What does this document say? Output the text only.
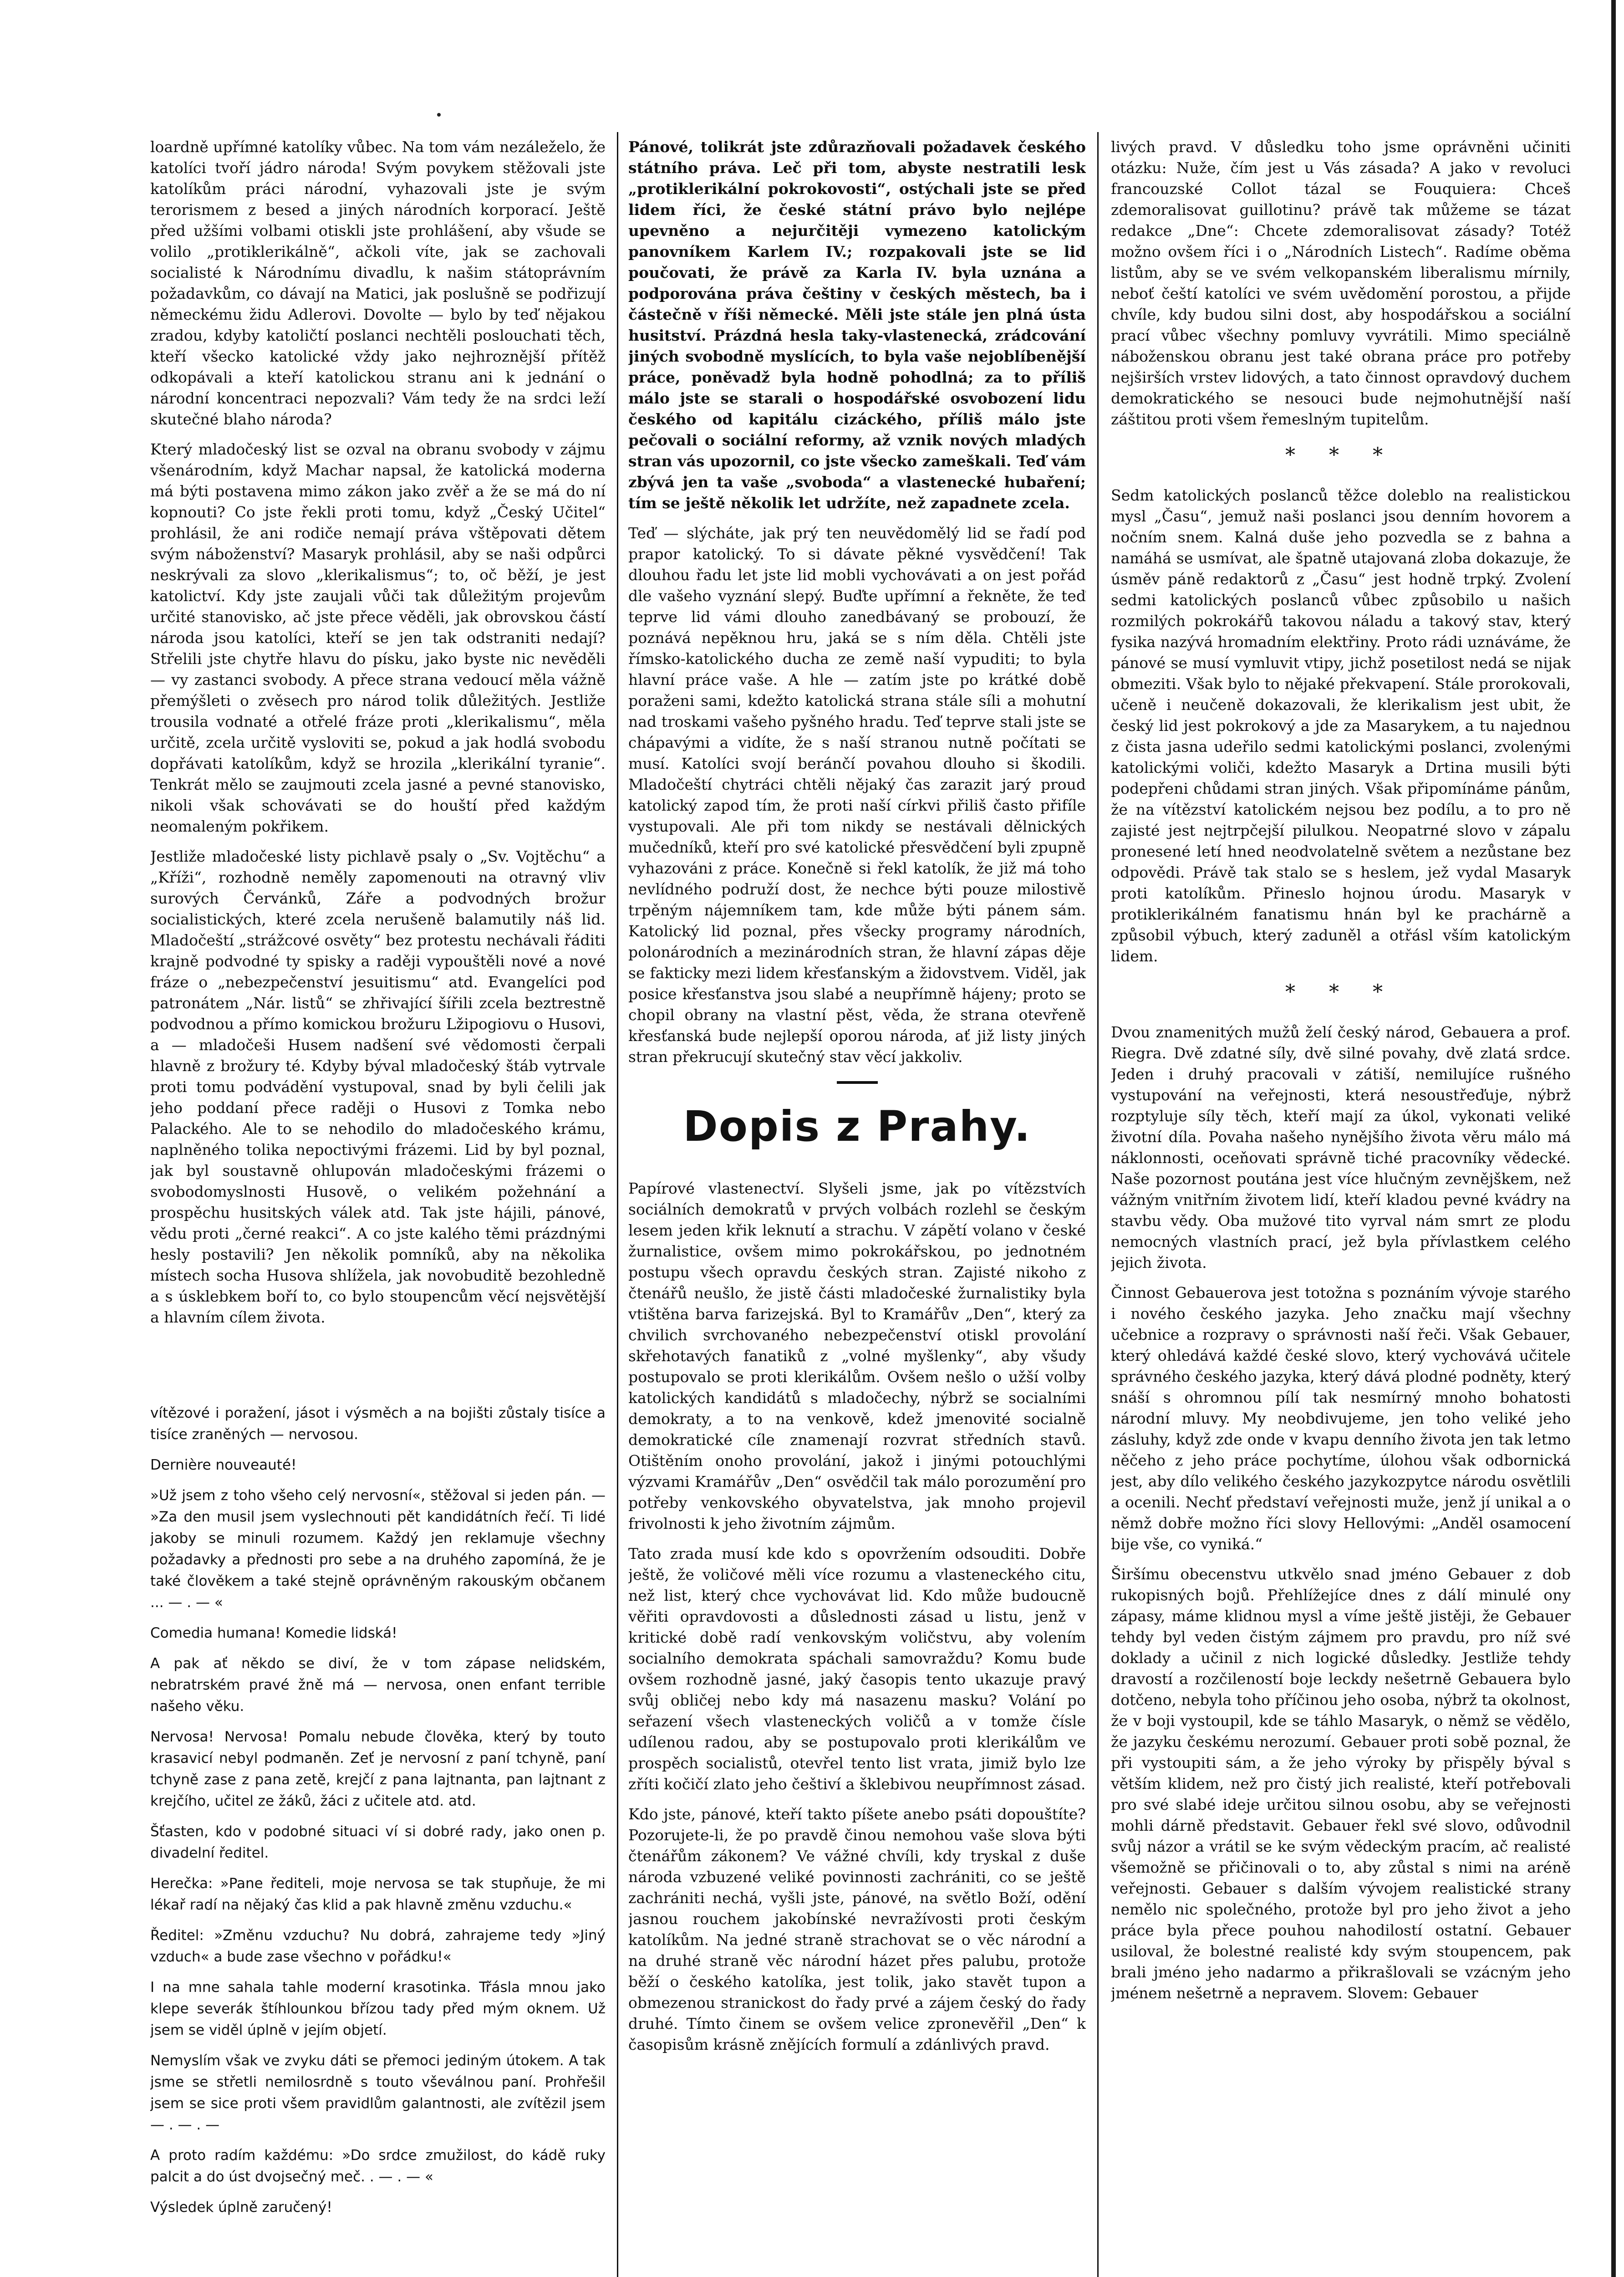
loardně upřímné katolíky vůbec. Na tom vám nezáleželo, že katolíci tvoří jádro národa! Svým povykem stěžovali jste katolíkům práci národní, vyhazovali jste je svým terorismem z besed a jiných národních korporací. Ještě před užšími volbami otiskli jste prohlášení, aby všude se volilo „protiklerikálně“, ačkoli víte, jak se zachovali socialisté k Národnímu divadlu, k našim státoprávním požadavkům, co dávají na Matici, jak poslušně se podřizují německému židu Adlerovi. Dovolte — bylo by teď nějakou zradou, kdyby katoličtí poslanci nechtěli poslouchati těch, kteří všecko katolické vždy jako nejhroznější přítěž odkopávali a kteří katolickou stranu ani k jednání o národní koncentraci nepozvali? Vám tedy že na srdci leží skutečné blaho národa?

Který mladočeský list se ozval na obranu svobody v zájmu všenárodním, když Machar napsal, že katolická moderna má býti postavena mimo zákon jako zvěř a že se má do ní kopnouti? Co jste řekli proti tomu, když „Český Učitel“ prohlásil, že ani rodiče nemají práva vštěpovati dětem svým náboženství? Masaryk prohlásil, aby se naši odpůrci neskrývali za slovo „klerikalismus“; to, oč běží, je jest katolictví. Kdy jste zaujali vůči tak důležitým projevům určité stanovisko, ač jste přece věděli, jak obrovskou částí národa jsou katolíci, kteří se jen tak odstraniti nedají? Střelili jste chytře hlavu do písku, jako byste nic nevěděli — vy zastanci svobody. A přece strana vedoucí měla vážně přemýšleti o zvěsech pro národ tolik důležitých. Jestliže trousila vodnaté a otřelé fráze proti „klerikalismu“, měla určitě, zcela určitě vysloviti se, pokud a jak hodlá svobodu dopřávati katolíkům, když se hrozila „klerikální tyranie“. Tenkrát mělo se zaujmouti zcela jasné a pevné stanovisko, nikoli však schovávati se do houští před každým neomaleným pokřikem.

Jestliže mladočeské listy pichlavě psaly o „Sv. Vojtěchu“ a „Kříži“, rozhodně neměly zapomenouti na otravný vliv surových Červánků, Záře a podvodných brožur socialistických, které zcela nerušeně balamutily náš lid. Mladočeští „strážcové osvěty“ bez protestu nechávali řáditi krajně podvodné ty spisky a raději vypouštěli nové a nové fráze o „nebezpečenství jesuitismu“ atd. Evangelíci pod patronátem „Nár. listů“ se zhřivající šířili zcela beztrestně podvodnou a přímo komickou brožuru Lžipogiovu o Husovi, a — mladočeši Husem nadšení své vědomosti čerpali hlavně z brožury té. Kdyby býval mladočeský štáb vytrvale proti tomu podvádění vystupoval, snad by byli čelili jak jeho poddaní přece raději o Husovi z Tomka nebo Palackého. Ale to se nehodilo do mladočeského krámu, naplněného tolika nepoctivými frázemi. Lid by byl poznal, jak byl soustavně ohlupován mladočeskými frázemi o svobodomyslnosti Husově, o velikém požehnání a prospěchu husitských válek atd. Tak jste hájili, pánové, vědu proti „černé reakci“. A co jste kalého těmi prázdnými hesly postavili? Jen několik pomníků, aby na několika místech socha Husova shlížela, jak novobuditě bezohledně a s úsklebkem boří to, co bylo stoupencům věcí nejsvětější a hlavním cílem života.

vítězové i poražení, jásot i výsměch a na bojišti zůstaly tisíce a tisíce zraněných — nervosou.

Dernière nouveauté!

»Už jsem z toho všeho celý nervosní«, stěžoval si jeden pán. — »Za den musil jsem vyslechnouti pět kandidátních řečí. Ti lidé jakoby se minuli rozumem. Každý jen reklamuje všechny požadavky a přednosti pro sebe a na druhého zapomíná, že je také člověkem a také stejně oprávněným rakouským občanem ... — . — «

Comedia humana! Komedie lidská!

A pak ať někdo se diví, že v tom zápase nelidském, nebratrském pravé žně má — nervosa, onen enfant terrible našeho věku.

Nervosa! Nervosa! Pomalu nebude člověka, který by touto krasavicí nebyl podmaněn. Zeť je nervosní z paní tchyně, paní tchyně zase z pana zetě, krejčí z pana lajtnanta, pan lajtnant z krejčího, učitel ze žáků, žáci z učitele atd. atd.

Šťasten, kdo v podobné situaci ví si dobré rady, jako onen p. divadelní ředitel.

Herečka: »Pane řediteli, moje nervosa se tak stupňuje, že mi lékař radí na nějaký čas klid a pak hlavně změnu vzduchu.«

Ředitel: »Změnu vzduchu? Nu dobrá, zahrajeme tedy »Jiný vzduch« a bude zase všechno v pořádku!«

I na mne sahala tahle moderní krasotinka. Třásla mnou jako klepe severák štíhlounkou břízou tady před mým oknem. Už jsem se viděl úplně v jejím objetí.

Nemyslím však ve zvyku dáti se přemoci jediným útokem. A tak jsme se střetli nemilosrdně s touto vševálnou paní. Prohřešil jsem se sice proti všem pravidlům galantnosti, ale zvítězil jsem — . — . —

A proto radím každému: »Do srdce zmužilost, do kádě ruky palcit a do úst dvojsečný meč. . — . — «

Výsledek úplně zaručený!

Pánové, tolikrát jste zdůrazňovali požadavek českého státního práva. Leč při tom, abyste nestratili lesk „protiklerikální pokrokovosti“, ostýchali jste se před lidem říci, že české státní právo bylo nejlépe upevněno a nejurčitěji vymezeno katolickým panovníkem Karlem IV.; rozpakovali jste se lid poučovati, že právě za Karla IV. byla uznána a podporována práva češtiny v českých městech, ba i částečně v říši německé. Měli jste stále jen plná ústa husitství. Prázdná hesla taky-vlastenecká, zrádcování jiných svobodně myslících, to byla vaše nejoblíbenější práce, poněvadž byla hodně pohodlná; za to příliš málo jste se starali o hospodářské osvobození lidu českého od kapitálu cizáckého, příliš málo jste pečovali o sociální reformy, až vznik nových mladých stran vás upozornil, co jste všecko zameškali. Teď vám zbývá jen ta vaše „svoboda“ a vlastenecké hubaření; tím se ještě několik let udržíte, než zapadnete zcela.

Teď — slýcháte, jak prý ten neuvědomělý lid se řadí pod prapor katolický. To si dávate pěkné vysvědčení! Tak dlouhou řadu let jste lid mobli vychovávati a on jest pořád dle vašeho vyznání slepý. Buďte upřímní a řekněte, že teď teprve lid vámi dlouho zanedbávaný se probouzí, že poznává nepěknou hru, jaká se s ním děla. Chtěli jste římsko-katolického ducha ze země naší vypuditi; to byla hlavní práce vaše. A hle — zatím jste po krátké době poraženi sami, kdežto katolická strana stále síli a mohutní nad troskami vašeho pyšného hradu. Teď teprve stali jste se chápavými a vidíte, že s naší stranou nutně počítati se musí. Katolíci svojí beránčí povahou dlouho si škodili. Mladočeští chytráci chtěli nějaký čas zarazit jarý proud katolický zapod tím, že proti naší církvi přiliš často přifíle vystupovali. Ale při tom nikdy se nestávali dělnických mučedníků, kteří pro své katolické přesvědčení byli zpupně vyhazováni z práce. Konečně si řekl katolík, že již má toho nevlídného podruží dost, že nechce býti pouze milostivě trpěným nájemníkem tam, kde může býti pánem sám. Katolický lid poznal, přes všecky programy národních, polonárodních a mezinárodních stran, že hlavní zápas děje se fakticky mezi lidem křesťanským a židovstvem. Viděl, jak posice křesťanstva jsou slabé a neupřímně hájeny; proto se chopil obrany na vlastní pěst, věda, že strana otevřeně křesťanská bude nejlepší oporou národa, ať již listy jiných stran překrucují skutečný stav věcí jakkoliv.

Dopis z Prahy.

Papírové vlastenectví. Slyšeli jsme, jak po vítězstvích sociálních demokratů v prvých volbách rozlehl se českým lesem jeden křik leknutí a strachu. V zápětí volano v české žurnalistice, ovšem mimo pokrokářskou, po jednotném postupu všech opravdu českých stran. Zajisté nikoho z čtenářů neušlo, že jistě části mladočeské žurnalistiky byla vtištěna barva farizejská. Byl to Kramářův „Den“, který za chvilich svrchovaného nebezpečenství otiskl provolání skřehotavých fanatiků z „volné myšlenky“, aby všudy postupovalo se proti klerikálům. Ovšem nešlo o užší volby katolických kandidátů s mladočechy, nýbrž se socialními demokraty, a to na venkově, kdež jmenovité socialně demokratické cíle znamenají rozvrat středních stavů. Otištěním onoho provolání, jakož i jinými potouchlými výzvami Kramářův „Den“ osvědčil tak málo porozumění pro potřeby venkovského obyvatelstva, jak mnoho projevil frivolnosti k jeho životním zájmům.

Tato zrada musí kde kdo s opovržením odsouditi. Dobře ještě, že voličové měli více rozumu a vlasteneckého citu, než list, který chce vychovávat lid. Kdo může budoucně věřiti opravdovosti a důslednosti zásad u listu, jenž v kritické době radí venkovským voličstvu, aby volením socialního demokrata spáchali samovraždu? Komu bude ovšem rozhodně jasné, jaký časopis tento ukazuje pravý svůj obličej nebo kdy má nasazenu masku? Volání po seřazení všech vlasteneckých voličů a v tomže čísle udílenou radou, aby se postupovalo proti klerikálům ve prospěch socialistů, otevřel tento list vrata, jimiž bylo lze zříti kočičí zlato jeho češtiví a šklebivou neupřímnost zásad.

Kdo jste, pánové, kteří takto píšete anebo psáti dopouštíte? Pozorujete-li, že po pravdě činou nemohou vaše slova býti čtenářům zákonem? Ve vážné chvíli, kdy tryskal z duše národa vzbuzené veliké povinnosti zachrániti, co se ještě zachrániti nechá, vyšli jste, pánové, na světlo Boží, odění jasnou rouchem jakobínské nevražívosti proti českým katolíkům. Na jedné straně strachovat se o věc národní a na druhé straně věc národní házet přes palubu, protože běží o českého katolíka, jest tolik, jako stavět tupon a obmezenou stranickost do řady prvé a zájem český do řady druhé. Tímto činem se ovšem velice zpronevěřil „Den“ k časopisům krásně znějících formulí a zdánlivých pravd.

livých pravd. V důsledku toho jsme oprávněni učiniti otázku: Nuže, čím jest u Vás zásada? A jako v revoluci francouzské Collot tázal se Fouquiera: Chceš zdemoralisovat guillotinu? právě tak můžeme se tázat redakce „Dne“: Chcete zdemoralisovat zásady? Totéž možno ovšem říci i o „Národních Listech“. Radíme oběma listům, aby se ve svém velkopanském liberalismu mírnily, neboť čeští katolíci ve svém uvědomění porostou, a přijde chvíle, kdy budou silni dost, aby hospodářskou a sociální prací vůbec všechny pomluvy vyvrátili. Mimo speciálně náboženskou obranu jest také obrana práce pro potřeby nejširších vrstev lidových, a tato činnost opravdový duchem demokratického se nesouci bude nejmohutnější naší záštitou proti všem řemeslným tupitelům.

* * *

Sedm katolických poslanců těžce doleblo na realistickou mysl „Času“, jemuž naši poslanci jsou denním hovorem a nočním snem. Kalná duše jeho pozvedla se z bahna a namáhá se usmívat, ale špatně utajovaná zloba dokazuje, že úsměv páně redaktorů z „Času“ jest hodně trpký. Zvolení sedmi katolických poslanců vůbec způsobilo u našich rozmilých pokrokářů takovou náladu a takový stav, který fysika nazývá hromadním elektřiny. Proto rádi uznáváme, že pánové se musí vymluvit vtipy, jichž posetilost nedá se nijak obmeziti. Však bylo to nějaké překvapení. Stále prorokovali, učeně i neučeně dokazovali, že klerikalism jest ubit, že český lid jest pokrokový a jde za Masarykem, a tu najednou z čista jasna udeřilo sedmi katolickými poslanci, zvolenými katolickými voliči, kdežto Masaryk a Drtina musili býti podepřeni chůdami stran jiných. Však připomínáme pánům, že na vítězství katolickém nejsou bez podílu, a to pro ně zajisté jest nejtrpčejší pilulkou. Neopatrné slovo v zápalu pronesené letí hned neodvolatelně světem a nezůstane bez odpovědi. Právě tak stalo se s heslem, jež vydal Masaryk proti katolíkům. Přineslo hojnou úrodu. Masaryk v protiklerikálném fanatismu hnán byl ke prachárně a způsobil výbuch, který zaduněl a otřásl vším katolickým lidem.

* * *

Dvou znamenitých mužů želí český národ, Gebauera a prof. Riegra. Dvě zdatné síly, dvě silné povahy, dvě zlatá srdce. Jeden i druhý pracovali v zátiší, nemilujíce rušného vystupování na veřejnosti, která nesoustřeďuje, nýbrž rozptyluje síly těch, kteří mají za úkol, vykonati veliké životní díla. Povaha našeho nynějšího života věru málo má náklonnosti, oceňovati správně tiché pracovníky vědecké. Naše pozornost poutána jest více hlučným zevnějškem, než vážným vnitřním životem lidí, kteří kladou pevné kvádry na stavbu vědy. Oba mužové tito vyrval nám smrt ze plodu nemocných vlastních prací, jež byla přívlastkem celého jejich života.

Činnost Gebauerova jest totožna s poznáním vývoje starého i nového českého jazyka. Jeho značku mají všechny učebnice a rozpravy o správnosti naší řeči. Však Gebauer, který ohledává každé české slovo, který vychovává učitele správného českého jazyka, který dává plodné podněty, který snáší s ohromnou pílí tak nesmírný mnoho bohatosti národní mluvy. My neobdivujeme, jen toho veliké jeho zásluhy, když zde onde v kvapu denního života jen tak letmo něčeho z jeho práce pochytíme, úlohou však odbornická jest, aby dílo velikého českého jazykozpytce národu osvětlili a ocenili. Nechť představí veřejnosti muže, jenž jí unikal a o němž dobře možno říci slovy Hellovými: „Anděl osamocení bije vše, co vyniká.“

Širšímu obecenstvu utkvělo snad jméno Gebauer z dob rukopisných bojů. Přehlížejíce dnes z dálí minulé ony zápasy, máme klidnou mysl a víme ještě jistěji, že Gebauer tehdy byl veden čistým zájmem pro pravdu, pro níž své doklady a učinil z nich logické důsledky. Jestliže tehdy dravostí a rozčileností boje leckdy nešetrně Gebauera bylo dotčeno, nebyla toho příčinou jeho osoba, nýbrž ta okolnost, že v boji vystoupil, kde se táhlo Masaryk, o němž se vědělo, že jazyku českému nerozumí. Gebauer proti sobě poznal, že při vystoupiti sám, a že jeho výroky by přispěly býval s větším klidem, než pro čistý jich realisté, kteří potřebovali pro své slabé ideje určitou silnou osobu, aby se veřejnosti mohli dárně představit. Gebauer řekl své slovo, odůvodnil svůj názor a vrátil se ke svým vědeckým pracím, ač realisté všemožně se přičinovali o to, aby zůstal s nimi na aréně veřejnosti. Gebauer s dalším vývojem realistické strany nemělo nic společného, protože byl pro jeho život a jeho práce byla přece pouhou nahodilostí ostatní. Gebauer usiloval, že bolestné realisté kdy svým stoupencem, pak brali jméno jeho nadarmo a přikrašlovali se vzácným jeho jménem nešetrně a nepravem. Slovem: Gebauer
